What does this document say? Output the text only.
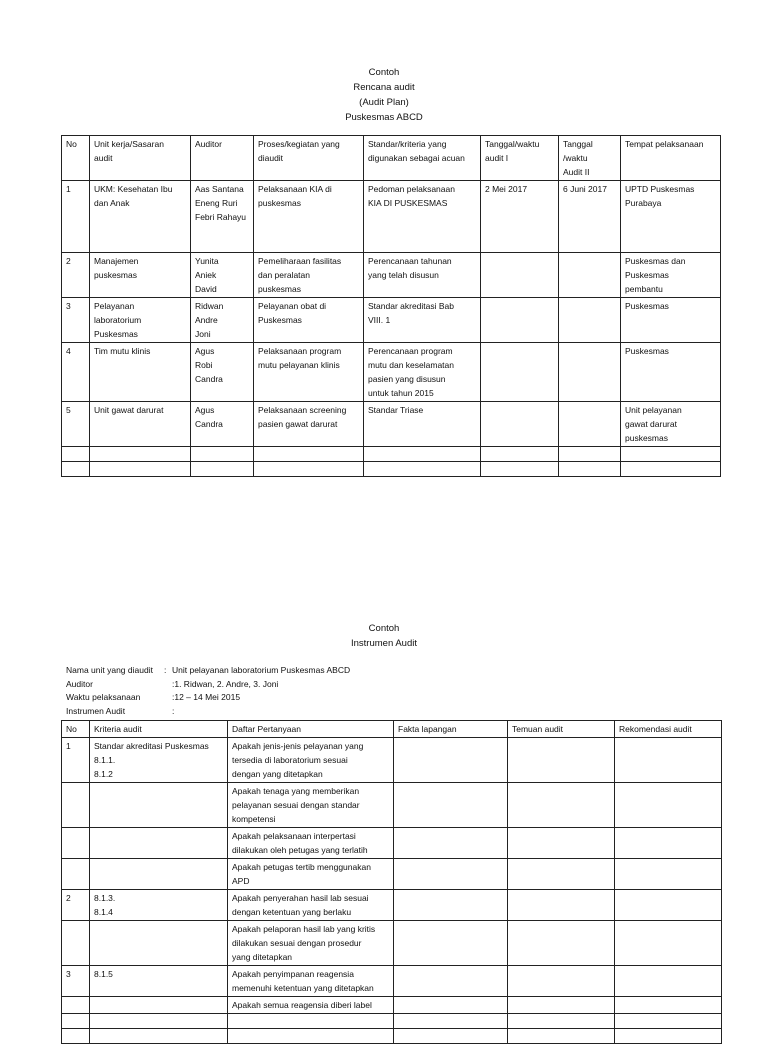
Contoh
Rencana audit
(Audit Plan)
Puskesmas ABCD
No	Unit kerja/Sasaran
audit	Auditor	Proses/kegiatan yang
diaudit	Standar/kriteria yang
digunakan sebagai acuan	Tanggal/waktu
audit I	Tanggal
/waktu
Audit II	Tempat pelaksanaan

1	UKM: Kesehatan Ibu
dan Anak	Aas Santana
Eneng Ruri
Febri Rahayu	Pelaksanaan KIA di
puskesmas	Pedoman pelaksanaan
KIA DI PUSKESMAS	2 Mei 2017	6 Juni 2017	UPTD Puskesmas
Purabaya

2	Manajemen
puskesmas	Yunita
Aniek
David	Pemeliharaan fasilitas
dan peralatan
puskesmas	Perencanaan tahunan
yang telah disusun			Puskesmas dan
Puskesmas
pembantu

3	Pelayanan
laboratorium
Puskesmas	Ridwan
Andre
Joni	Pelayanan obat di
Puskesmas	Standar akreditasi Bab
VIII. 1			Puskesmas

4	Tim mutu klinis	Agus
Robi
Candra	Pelaksanaan program
mutu pelayanan klinis	Perencanaan program
mutu dan keselamatan
pasien yang disusun
untuk tahun 2015			Puskesmas

5	Unit gawat darurat	Agus
Candra	Pelaksanaan screening
pasien gawat darurat	Standar Triase			Unit pelayanan
gawat darurat
puskesmas

Contoh
Instrumen Audit
Nama unit yang diaudit	: Unit pelayanan laboratorium Puskesmas ABCD
Auditor	:1. Ridwan, 2. Andre, 3. Joni
Waktu pelaksanaan	:12 – 14 Mei 2015
Instrumen Audit	:
No	Kriteria audit	Daftar Pertanyaan	Fakta lapangan	Temuan audit	Rekomendasi audit

1	Standar akreditasi Puskesmas
8.1.1.
8.1.2	Apakah jenis-jenis pelayanan yang
tersedia di laboratorium sesuai
dengan yang ditetapkan			

		Apakah tenaga yang memberikan
pelayanan sesuai dengan standar
kompetensi			

		Apakah pelaksanaan interpertasi
dilakukan oleh petugas yang terlatih			

		Apakah petugas tertib menggunakan
APD			

2	8.1.3.
8.1.4	Apakah penyerahan hasil lab sesuai
dengan ketentuan yang berlaku			

		Apakah pelaporan hasil lab yang kritis
dilakukan sesuai dengan prosedur
yang ditetapkan			

3	8.1.5	Apakah penyimpanan reagensia
memenuhi ketentuan yang ditetapkan			

		Apakah semua reagensia diberi label			
